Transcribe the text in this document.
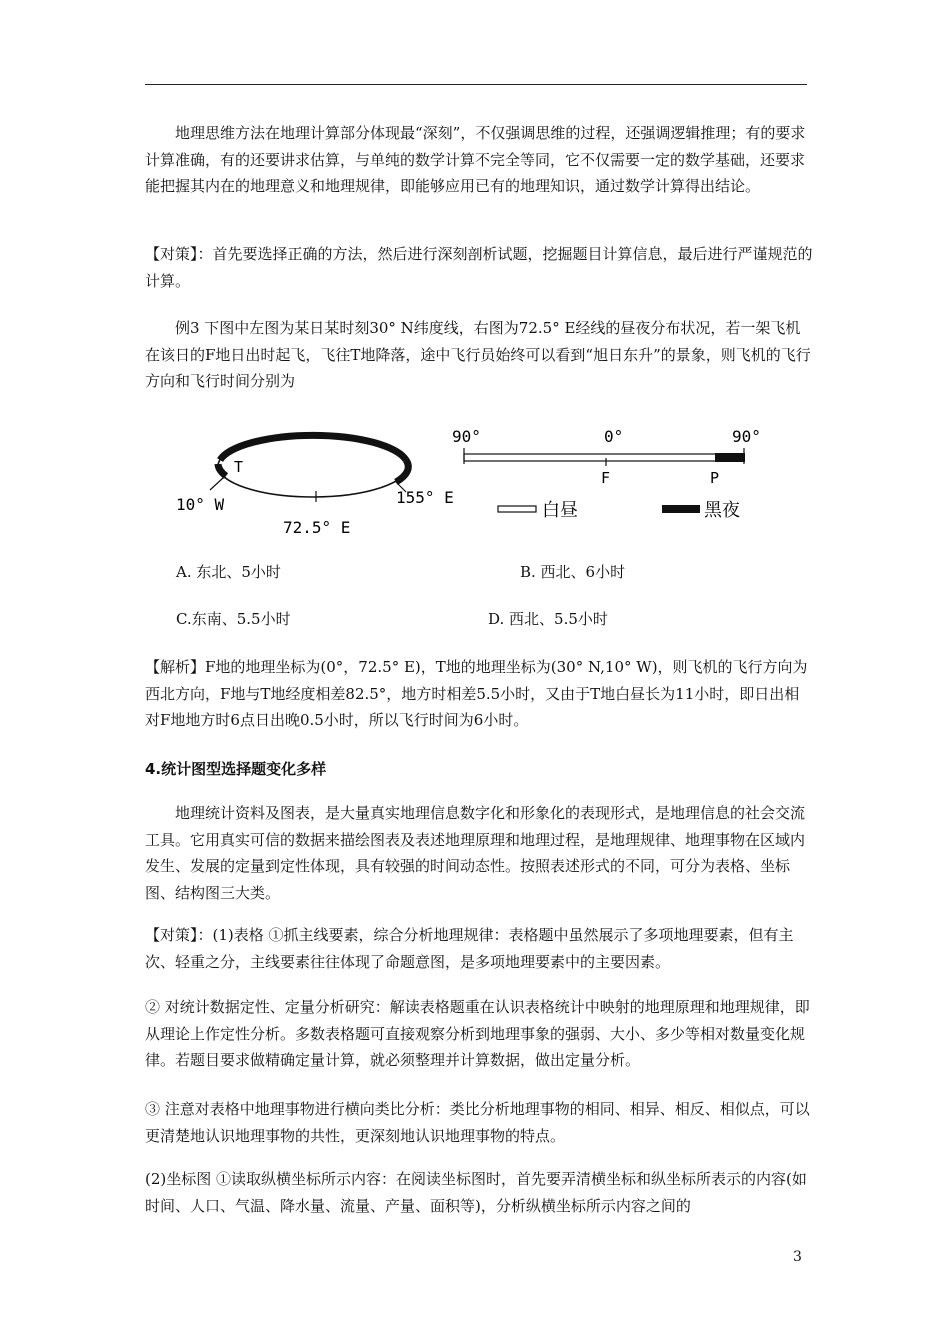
地理思维方法在地理计算部分体现最“深刻”，不仅强调思维的过程，还强调逻辑推理；有的要求计算准确，有的还要讲求估算，与单纯的数学计算不完全等同，它不仅需要一定的数学基础，还要求能把握其内在的地理意义和地理规律，即能够应用已有的地理知识，通过数学计算得出结论。
【对策】：首先要选择正确的方法，然后进行深刻剖析试题，挖掘题目计算信息，最后进行严谨规范的计算。
例3 下图中左图为某日某时刻30° N纬度线，右图为72.5° E经线的昼夜分布状况，若一架飞机在该日的F地日出时起飞，飞往T地降落，途中飞行员始终可以看到“旭日东升”的景象，则飞机的飞行方向和飞行时间分别为
T
10° W	155° E
72.5° E
90°	0°	90°
F	P
白昼	黑夜
A. 东北、5小时	B. 西北、6小时
C.东南、5.5小时	D. 西北、5.5小时
【解析】F地的地理坐标为(0°，72.5° E)，T地的地理坐标为(30° N,10° W)，则飞机的飞行方向为西北方向，F地与T地经度相差82.5°，地方时相差5.5小时，又由于T地白昼长为11小时，即日出相对F地地方时6点日出晚0.5小时，所以飞行时间为6小时。
4.统计图型选择题变化多样
地理统计资料及图表，是大量真实地理信息数字化和形象化的表现形式，是地理信息的社会交流工具。它用真实可信的数据来描绘图表及表述地理原理和地理过程，是地理规律、地理事物在区域内发生、发展的定量到定性体现，具有较强的时间动态性。按照表述形式的不同，可分为表格、坐标图、结构图三大类。
【对策】：(1)表格 ①抓主线要素，综合分析地理规律：表格题中虽然展示了多项地理要素，但有主次、轻重之分，主线要素往往体现了命题意图，是多项地理要素中的主要因素。
② 对统计数据定性、定量分析研究：解读表格题重在认识表格统计中映射的地理原理和地理规律，即从理论上作定性分析。多数表格题可直接观察分析到地理事象的强弱、大小、多少等相对数量变化规律。若题目要求做精确定量计算，就必须整理并计算数据，做出定量分析。
③ 注意对表格中地理事物进行横向类比分析：类比分析地理事物的相同、相异、相反、相似点，可以更清楚地认识地理事物的共性，更深刻地认识地理事物的特点。
(2)坐标图 ①读取纵横坐标所示内容：在阅读坐标图时，首先要弄清横坐标和纵坐标所表示的内容(如时间、人口、气温、降水量、流量、产量、面积等)，分析纵横坐标所示内容之间的
3
